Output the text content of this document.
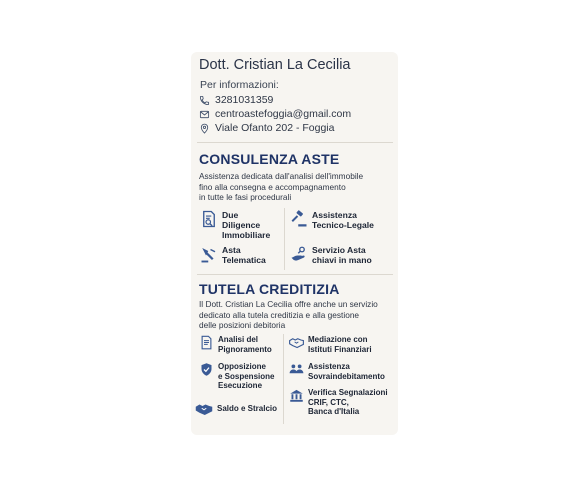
Dott. Cristian La Cecilia
Per informazioni:
3281031359
centroastefoggia@gmail.com
Viale Ofanto 202 - Foggia
CONSULENZA ASTE
Assistenza dedicata dall'analisi dell'immobile
fino alla consegna e accompagnamento
in tutte le fasi procedurali
Due
Diligence
Immobiliare
Assistenza
Tecnico-Legale
Asta
Telematica
Servizio Asta
chiavi in mano
TUTELA CREDITIZIA
Il Dott. Cristian La Cecilia offre anche un servizio
dedicato alla tutela creditizia e alla gestione
delle posizioni debitoria
Analisi del
Pignoramento
Mediazione con
Istituti Finanziari
Opposizione
e Sospensione
Esecuzione
Assistenza
Sovraindebitamento
Saldo e Stralcio
Verifica Segnalazioni
CRIF, CTC,
Banca d'Italia
